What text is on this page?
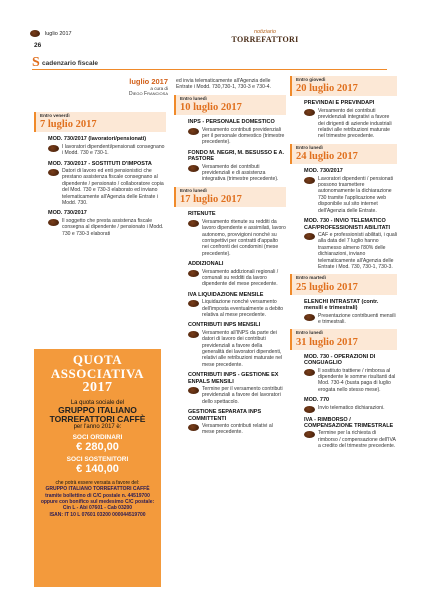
luglio 2017
26
notiziario
TORREFATTORI
S cadenzario fiscale
luglio 2017
a cura di
Diego Franciosa
Entro venerdì
7 luglio 2017
MOD. 730/2017 (lavoratori/pensionati)
I lavoratori dipendenti/pensionati consegnano i Modd. 730 e 730-1.
MOD. 730/2017 - SOSTITUTI D'IMPOSTA
Datori di lavoro ed enti pensionistici che prestano assistenza fiscale consegnano al dipendente / pensionato / collaboratore copia del Mod. 730 e 730-3 elaborato ed inviano telematicamente all'Agenzia delle Entrate i Modd. 730.
MOD. 730/2017
Il soggetto che presta assistenza fiscale consegna al dipendente / pensionato i Modd. 730 e 730-3 elaborati
QUOTA ASSOCIATIVA
2017
La quota sociale del
GRUPPO ITALIANO TORREFATTORI CAFFÈ
per l'anno 2017 è:
SOCI ORDINARI
€ 280,00
SOCI SOSTENITORI
€ 140,00
che potrà essere versata a favore del:
GRUPPO ITALIANO TORREFATTORI CAFFÈ
tramite bollettino di C/C postale n. 44519700
oppure con bonifico sul medesimo C/C postale:
Cin L - Abi 07601 - Cab 03200
ISAN: IT 10 L 07601 03200 000044519700
ed invia telematicamente all'Agenzia delle Entrate i Modd. 730,730-1, 730-3 e 730-4.
Entro lunedì
10 luglio 2017
INPS - PERSONALE DOMESTICO
Versamento contributi previdenziali per il personale domestico (trimestre precedente).
FONDO M. NEGRI, M. BESUSSO E A. PASTORE
Versamento dei contributi previdenziali e di assistenza integrativa (trimestre precedente).
Entro lunedì
17 luglio 2017
RITENUTE
Versamento ritenute su redditi da lavoro dipendente e assimilati, lavoro autonomo, provvigioni nonché su corrispettivi per contratti d'appalto nei confronti dei condomini (mese precedente).
ADDIZIONALI
Versamento addizionali regionali / comunali su redditi da lavoro dipendente del mese precedente.
IVA LIQUIDAZIONE MENSILE
Liquidazione nonché versamento dell'imposta eventualmente a debito relativa al mese precedente.
CONTRIBUTI INPS MENSILI
Versamento all'INPS da parte dei datori di lavoro dei contributi previdenziali a favore della generalità dei lavoratori dipendenti, relativi alle retribuzioni maturate nel mese precedente.
CONTRIBUTI INPS - GESTIONE EX ENPALS MENSILI
Termine per il versamento contributi previdenziali a favore dei lavoratori dello spettacolo.
GESTIONE SEPARATA INPS COMMITTENTI
Versamento contributi relativi al mese precedente.
Entro giovedì
20 luglio 2017
PREVINDAI E PREVINDAPI
Versamento dei contributi previdenziali integrativi a favore dei dirigenti di aziende industriali relativi alle retribuzioni maturate nel trimestre precedente.
Entro lunedì
24 luglio 2017
MOD. 730/2017
Lavoratori dipendenti / pensionati possono trasmettere autonomamente la dichiarazione 730 tramite l'applicazione web disponibile sul sito internet dell'Agenzia delle Entrate.
MOD. 730 - INVIO TELEMATICO CAF/PROFESSIONISTI ABILITATI
CAF e professionisti abilitati, i quali alla data del 7 luglio hanno trasmesso almeno l'80% delle dichiarazioni, inviano telematicamente all'Agenzia delle Entrate i Mod. 730, 730-1, 730-3.
Entro martedì
25 luglio 2017
ELENCHI INTRASTAT (contr. mensili e trimestrali)
Presentazione contribuenti mensili e trimestrali.
Entro lunedì
31 luglio 2017
MOD. 730 - OPERAZIONI DI CONGUAGLIO
Il sostituto trattiene / rimborsa al dipendente le somme risultanti dal Mod. 730-4 (busta paga di luglio erogata nello stesso mese).
MOD. 770
Invio telematico dichiarazioni.
IVA - RIMBORSO / COMPENSAZIONE TRIMESTRALE
Termine per la richiesta di rimborso / compensazione dell'IVA a credito del trimestre precedente.
